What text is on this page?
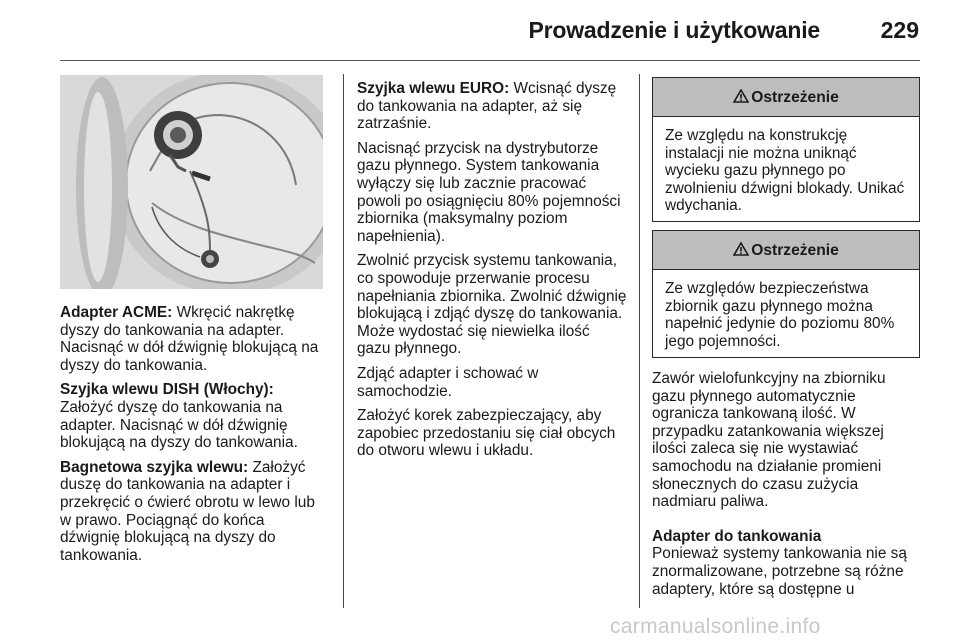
Prowadzenie i użytkowanie	229

Adapter ACME: Wkręcić nakrętkę dyszy do tankowania na adapter. Nacisnąć w dół dźwignię blokującą na dyszy do tankowania.

Szyjka wlewu DISH (Włochy): Założyć dyszę do tankowania na adapter. Nacisnąć w dół dźwignię blokującą na dyszy do tankowania.

Bagnetowa szyjka wlewu: Założyć duszę do tankowania na adapter i przekręcić o ćwierć obrotu w lewo lub w prawo. Pociągnąć do końca dźwignię blokującą na dyszy do tankowania.

Szyjka wlewu EURO: Wcisnąć dyszę do tankowania na adapter, aż się zatrzaśnie.

Nacisnąć przycisk na dystrybutorze gazu płynnego. System tankowania wyłączy się lub zacznie pracować powoli po osiągnięciu 80% pojemności zbiornika (maksymalny poziom napełnienia).

Zwolnić przycisk systemu tankowania, co spowoduje przerwanie procesu napełniania zbiornika. Zwolnić dźwignię blokującą i zdjąć dyszę do tankowania. Może wydostać się niewielka ilość gazu płynnego.

Zdjąć adapter i schować w samochodzie.

Założyć korek zabezpieczający, aby zapobiec przedostaniu się ciał obcych do otworu wlewu i układu.

Ostrzeżenie
Ze względu na konstrukcję instalacji nie można uniknąć wycieku gazu płynnego po zwolnieniu dźwigni blokady. Unikać wdychania.
Ostrzeżenie
Ze względów bezpieczeństwa zbiornik gazu płynnego można napełnić jedynie do poziomu 80% jego pojemności.

Zawór wielofunkcyjny na zbiorniku gazu płynnego automatycznie ogranicza tankowaną ilość. W przypadku zatankowania większej ilości zaleca się nie wystawiać samochodu na działanie promieni słonecznych do czasu zużycia nadmiaru paliwa.

Adapter do tankowania

Ponieważ systemy tankowania nie są znormalizowane, potrzebne są różne adaptery, które są dostępne u

carmanualsonline.info
